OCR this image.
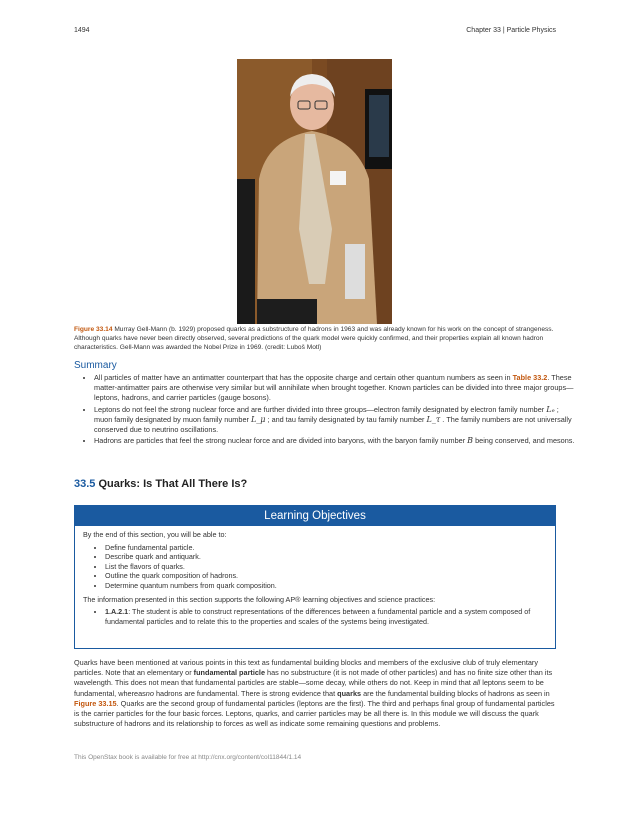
1494	Chapter 33 | Particle Physics
Figure 33.14 Murray Gell-Mann (b. 1929) proposed quarks as a substructure of hadrons in 1963 and was already known for his work on the concept of strangeness. Although quarks have never been directly observed, several predictions of the quark model were quickly confirmed, and their properties explain all known hadron characteristics. Gell-Mann was awarded the Nobel Prize in 1969. (credit: Luboš Motl)
Summary
• All particles of matter have an antimatter counterpart that has the opposite charge and certain other quantum numbers as seen in Table 33.2. These matter-antimatter pairs are otherwise very similar but will annihilate when brought together. Known particles can be divided into three major groups—leptons, hadrons, and carrier particles (gauge bosons).
• Leptons do not feel the strong nuclear force and are further divided into three groups—electron family designated by electron family number Lₑ ; muon family designated by muon family number L_μ ; and tau family designated by tau family number L_τ . The family numbers are not universally conserved due to neutrino oscillations.
• Hadrons are particles that feel the strong nuclear force and are divided into baryons, with the baryon family number B being conserved, and mesons.
33.5 Quarks: Is That All There Is?
Learning Objectives
By the end of this section, you will be able to:
• Define fundamental particle.
• Describe quark and antiquark.
• List the flavors of quarks.
• Outline the quark composition of hadrons.
• Determine quantum numbers from quark composition.
The information presented in this section supports the following AP® learning objectives and science practices:
• 1.A.2.1: The student is able to construct representations of the differences between a fundamental particle and a system composed of fundamental particles and to relate this to the properties and scales of the systems being investigated.
Quarks have been mentioned at various points in this text as fundamental building blocks and members of the exclusive club of truly elementary particles. Note that an elementary or fundamental particle has no substructure (it is not made of other particles) and has no finite size other than its wavelength. This does not mean that fundamental particles are stable—some decay, while others do not. Keep in mind that all leptons seem to be fundamental, whereasno hadrons are fundamental. There is strong evidence that quarks are the fundamental building blocks of hadrons as seen in Figure 33.15. Quarks are the second group of fundamental particles (leptons are the first). The third and perhaps final group of fundamental particles is the carrier particles for the four basic forces. Leptons, quarks, and carrier particles may be all there is. In this module we will discuss the quark substructure of hadrons and its relationship to forces as well as indicate some remaining questions and problems.
This OpenStax book is available for free at http://cnx.org/content/col11844/1.14
